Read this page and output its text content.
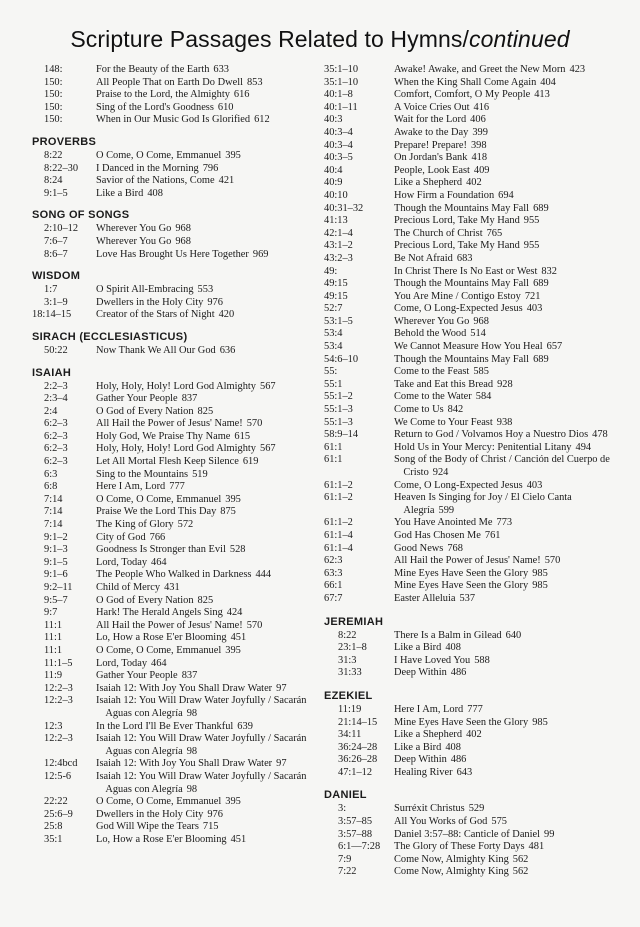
Scripture Passages Related to Hymns/continued
148:	For the Beauty of the Earth 633
150:	All People That on Earth Do Dwell 853
150:	Praise to the Lord, the Almighty 616
150:	Sing of the Lord's Goodness 610
150:	When in Our Music God Is Glorified 612
PROVERBS
8:22	O Come, O Come, Emmanuel 395
8:22–30	I Danced in the Morning 796
8:24	Savior of the Nations, Come 421
9:1–5	Like a Bird 408
SONG OF SONGS
2:10–12	Wherever You Go 968
7:6–7	Wherever You Go 968
8:6–7	Love Has Brought Us Here Together 969
WISDOM
1:7	O Spirit All-Embracing 553
3:1–9	Dwellers in the Holy City 976
18:14–15	Creator of the Stars of Night 420
SIRACH (ECCLESIASTICUS)
50:22	Now Thank We All Our God 636
ISAIAH
2:2–3	Holy, Holy, Holy! Lord God Almighty 567
2:3–4	Gather Your People 837
2:4	O God of Every Nation 825
6:2–3	All Hail the Power of Jesus' Name! 570
6:2–3	Holy God, We Praise Thy Name 615
6:2–3	Holy, Holy, Holy! Lord God Almighty 567
6:2–3	Let All Mortal Flesh Keep Silence 619
6:3	Sing to the Mountains 519
6:8	Here I Am, Lord 777
7:14	O Come, O Come, Emmanuel 395
7:14	Praise We the Lord This Day 875
7:14	The King of Glory 572
9:1–2	City of God 766
9:1–3	Goodness Is Stronger than Evil 528
9:1–5	Lord, Today 464
9:1–6	The People Who Walked in Darkness 444
9:2–11	Child of Mercy 431
9:5–7	O God of Every Nation 825
9:7	Hark! The Herald Angels Sing 424
11:1	All Hail the Power of Jesus' Name! 570
11:1	Lo, How a Rose E'er Blooming 451
11:1	O Come, O Come, Emmanuel 395
11:1–5	Lord, Today 464
11:9	Gather Your People 837
12:2–3	Isaiah 12: With Joy You Shall Draw Water 97
12:2–3	Isaiah 12: You Will Draw Water Joyfully / Sacarán Aguas con Alegría 98
12:3	In the Lord I'll Be Ever Thankful 639
12:2–3	Isaiah 12: You Will Draw Water Joyfully / Sacarán Aguas con Alegría 98
12:4bcd	Isaiah 12: With Joy You Shall Draw Water 97
12:5-6	Isaiah 12: You Will Draw Water Joyfully / Sacarán Aguas con Alegría 98
22:22	O Come, O Come, Emmanuel 395
25:6–9	Dwellers in the Holy City 976
25:8	God Will Wipe the Tears 715
35:1	Lo, How a Rose E'er Blooming 451
35:1–10	Awake! Awake, and Greet the New Morn 423
35:1–10	When the King Shall Come Again 404
40:1–8	Comfort, Comfort, O My People 413
40:1–11	A Voice Cries Out 416
40:3	Wait for the Lord 406
40:3–4	Awake to the Day 399
40:3–4	Prepare! Prepare! 398
40:3–5	On Jordan's Bank 418
40:4	People, Look East 409
40:9	Like a Shepherd 402
40:10	How Firm a Foundation 694
40:31–32	Though the Mountains May Fall 689
41:13	Precious Lord, Take My Hand 955
42:1–4	The Church of Christ 765
43:1–2	Precious Lord, Take My Hand 955
43:2–3	Be Not Afraid 683
49:	In Christ There Is No East or West 832
49:15	Though the Mountains May Fall 689
49:15	You Are Mine / Contigo Estoy 721
52:7	Come, O Long-Expected Jesus 403
53:1–5	Wherever You Go 968
53:4	Behold the Wood 514
53:4	We Cannot Measure How You Heal 657
54:6–10	Though the Mountains May Fall 689
55:	Come to the Feast 585
55:1	Take and Eat this Bread 928
55:1–2	Come to the Water 584
55:1–3	Come to Us 842
55:1–3	We Come to Your Feast 938
58:9–14	Return to God / Volvamos Hoy a Nuestro Dios 478
61:1	Hold Us in Your Mercy: Penitential Litany 494
61:1	Song of the Body of Christ / Canción del Cuerpo de Cristo 924
61:1–2	Come, O Long-Expected Jesus 403
61:1–2	Heaven Is Singing for Joy / El Cielo Canta Alegría 599
61:1–2	You Have Anointed Me 773
61:1–4	God Has Chosen Me 761
61:1–4	Good News 768
62:3	All Hail the Power of Jesus' Name! 570
63:3	Mine Eyes Have Seen the Glory 985
66:1	Mine Eyes Have Seen the Glory 985
67:7	Easter Alleluia 537
JEREMIAH
8:22	There Is a Balm in Gilead 640
23:1–8	Like a Bird 408
31:3	I Have Loved You 588
31:33	Deep Within 486
EZEKIEL
11:19	Here I Am, Lord 777
21:14–15	Mine Eyes Have Seen the Glory 985
34:11	Like a Shepherd 402
36:24–28	Like a Bird 408
36:26–28	Deep Within 486
47:1–12	Healing River 643
DANIEL
3:	Surréxit Christus 529
3:57–85	All You Works of God 575
3:57–88	Daniel 3:57–88: Canticle of Daniel 99
6:1—7:28	The Glory of These Forty Days 481
7:9	Come Now, Almighty King 562
7:22	Come Now, Almighty King 562
